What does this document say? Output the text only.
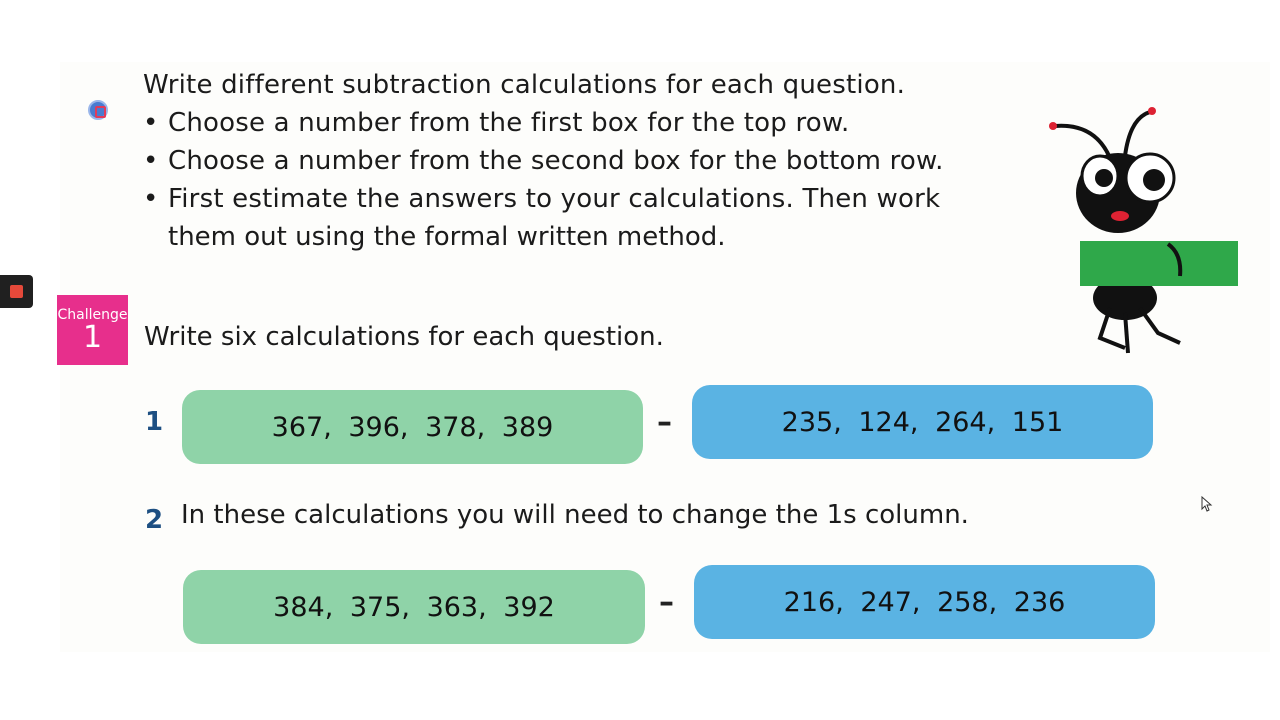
Write different subtraction calculations for each question.
• Choose a number from the first box for the top row.
• Choose a number from the second box for the bottom row.
• First estimate the answers to your calculations. Then work
them out using the formal written method.
Challenge
1	Write six calculations for each question.
1	367, 396, 378, 389	–	235, 124, 264, 151
2 In these calculations you will need to change the 1s column.
384, 375, 363, 392	–	216, 247, 258, 236
